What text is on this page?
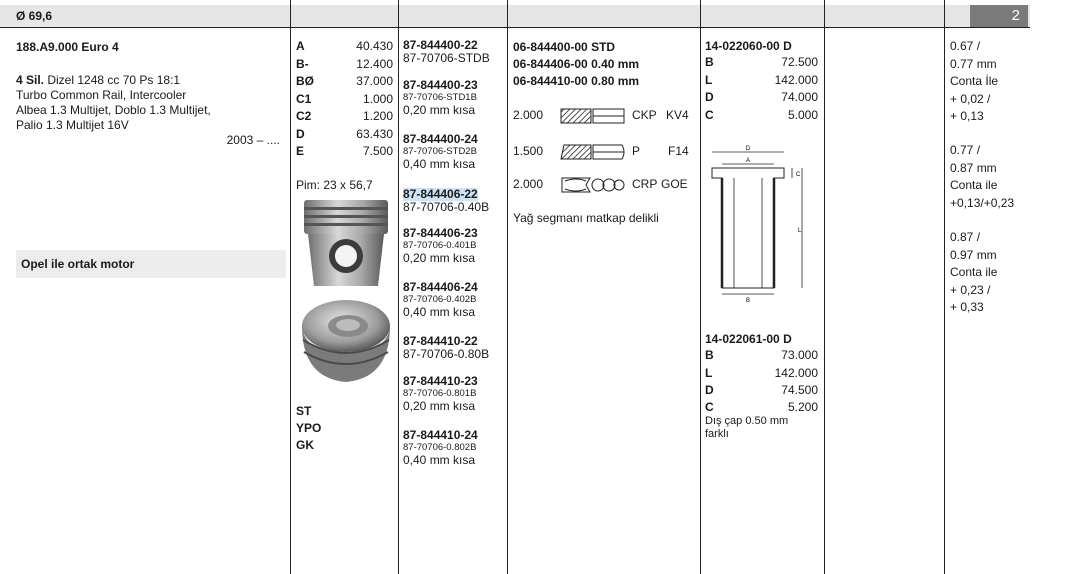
Ø 69,6	2
188.A9.000 Euro 4
4 Sil. Dizel 1248 cc 70 Ps 18:1
Turbo Common Rail, Intercooler
Albea 1.3 Multijet, Doblo 1.3 Multijet,
Palio 1.3 Multijet 16V
2003 – ....
Opel ile ortak motor
A	40.430
B-	12.400
BØ	37.000
C1	1.000
C2	1.200
D	63.430
E	7.500
Pim: 23 x 56,7
ST
YPO
GK
87-844400-22
87-70706-STDB
87-844400-23
87-70706-STD1B
0,20 mm kısa
87-844400-24
87-70706-STD2B
0,40 mm kısa
87-844406-22
87-70706-0.40B
87-844406-23
87-70706-0.401B
0,20 mm kısa
87-844406-24
87-70706-0.402B
0,40 mm kısa
87-844410-22
87-70706-0.80B
87-844410-23
87-70706-0.801B
0,20 mm kısa
87-844410-24
87-70706-0.802B
0,40 mm kısa
06-844400-00 STD
06-844406-00 0.40 mm
06-844410-00 0.80 mm
2.000	CKP KV4
1.500	P F14
2.000	CRP GOE
Yağ segmanı matkap delikli
14-022060-00 D
B	72.500
L	142.000
D	74.000
C	5.000
D
A
C
L
B
14-022061-00 D
B	73.000
L	142.000
D	74.500
C	5.200
Dış çap 0.50 mm
farklı
0.67 /
0.77 mm
Conta İle
+ 0,02 /
+ 0,13
0.77 /
0.87 mm
Conta ile
+0,13/+0,23
0.87 /
0.97 mm
Conta ile
+ 0,23 /
+ 0,33
